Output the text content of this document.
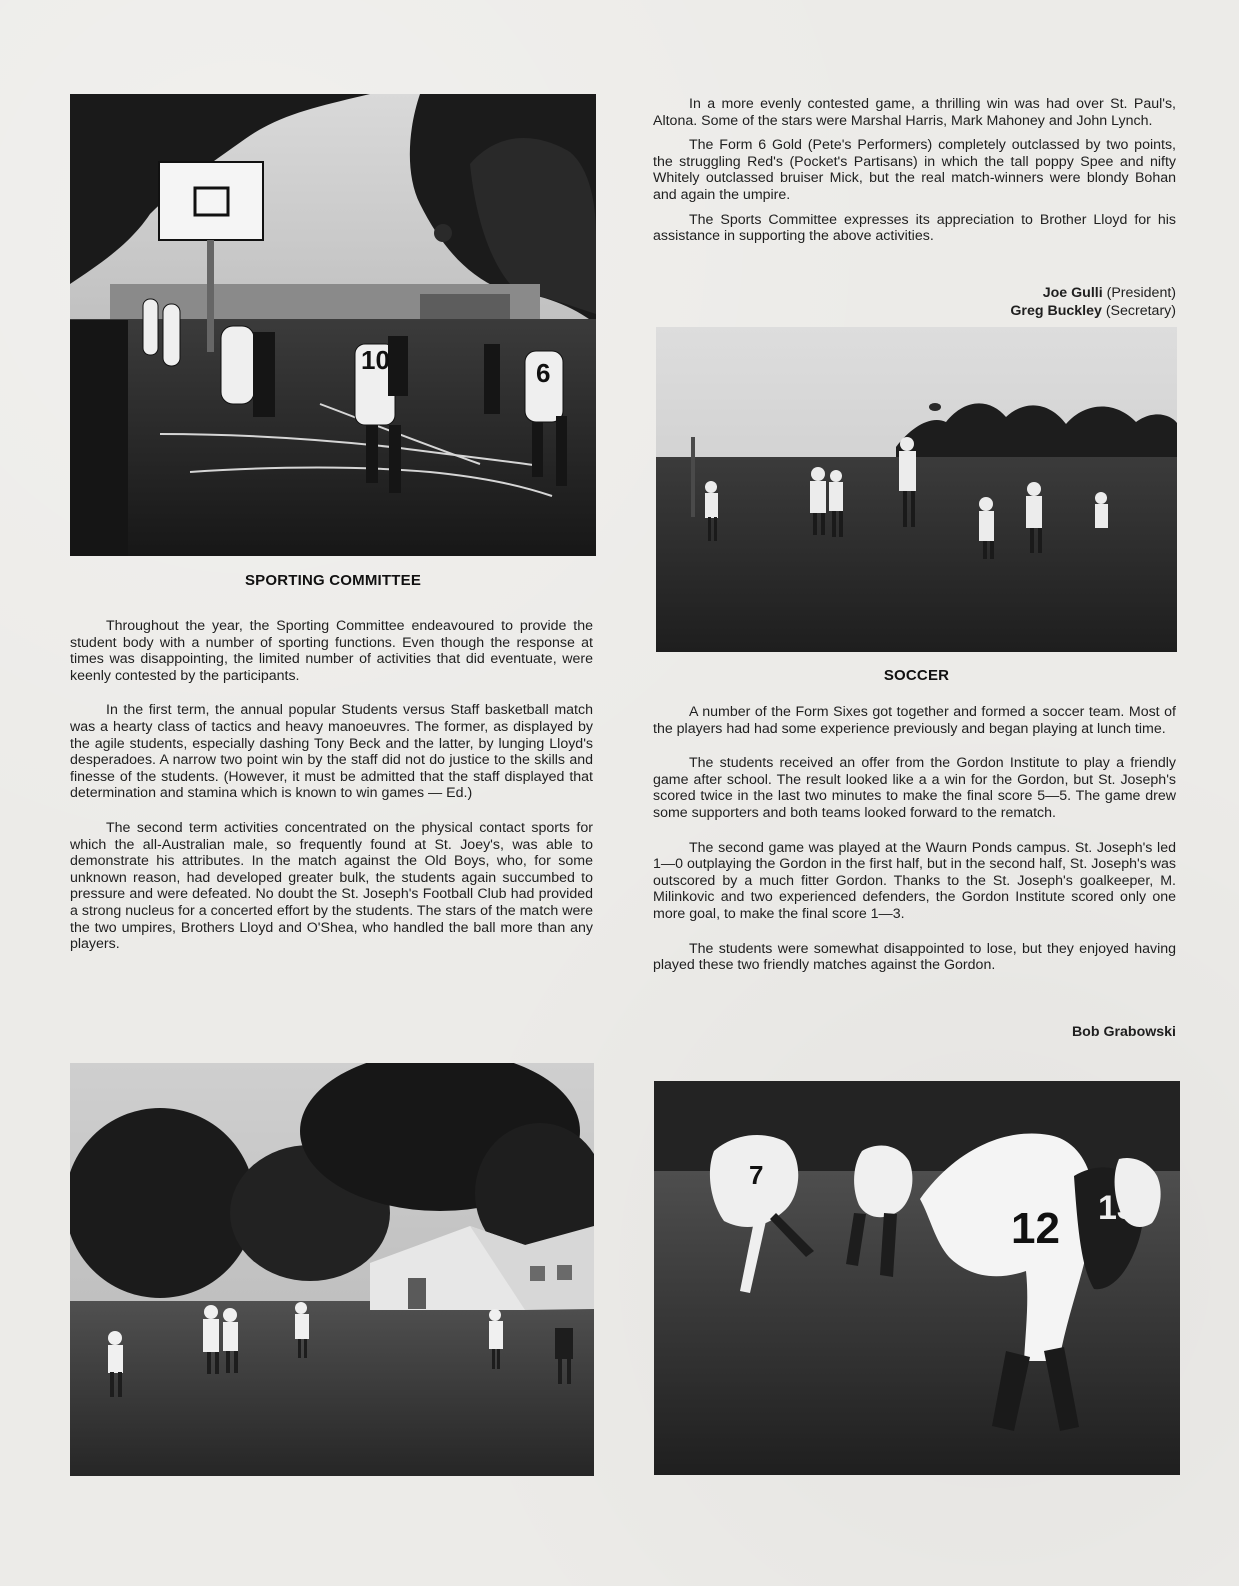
10	6
SPORTING COMMITTEE

Throughout the year, the Sporting Committee endeavoured to provide the student body with a number of sporting functions. Even though the response at times was disappointing, the limited number of activities that did eventuate, were keenly contested by the participants.

In the first term, the annual popular Students versus Staff basketball match was a hearty class of tactics and heavy manoeuvres. The former, as displayed by the agile students, especially dashing Tony Beck and the latter, by lunging Lloyd's desperadoes. A narrow two point win by the staff did not do justice to the skills and finesse of the students. (However, it must be admitted that the staff displayed that determination and stamina which is known to win games — Ed.)

The second term activities concentrated on the physical contact sports for which the all-Australian male, so frequently found at St. Joey's, was able to demonstrate his attributes. In the match against the Old Boys, who, for some unknown reason, had developed greater bulk, the students again succumbed to pressure and were defeated. No doubt the St. Joseph's Football Club had provided a strong nucleus for a concerted effort by the students. The stars of the match were the two umpires, Brothers Lloyd and O'Shea, who handled the ball more than any players.

In a more evenly contested game, a thrilling win was had over St. Paul's, Altona. Some of the stars were Marshal Harris, Mark Mahoney and John Lynch.

The Form 6 Gold (Pete's Performers) completely outclassed by two points, the struggling Red's (Pocket's Partisans) in which the tall poppy Spee and nifty Whitely outclassed bruiser Mick, but the real match-winners were blondy Bohan and again the umpire.

The Sports Committee expresses its appreciation to Brother Lloyd for his assistance in supporting the above activities.

Joe Gulli (President)
Greg Buckley (Secretary)
SOCCER

A number of the Form Sixes got together and formed a soccer team. Most of the players had had some experience previously and began playing at lunch time.

The students received an offer from the Gordon Institute to play a friendly game after school. The result looked like a a win for the Gordon, but St. Joseph's scored twice in the last two minutes to make the final score 5—5. The game drew some supporters and both teams looked forward to the rematch.

The second game was played at the Waurn Ponds campus. St. Joseph's led 1—0 outplaying the Gordon in the first half, but in the second half, St. Joseph's was outscored by a much fitter Gordon. Thanks to the St. Joseph's goalkeeper, M. Milinkovic and two experienced defenders, the Gordon Institute scored only one more goal, to make the final score 1—3.

The students were somewhat disappointed to lose, but they enjoyed having played these two friendly matches against the Gordon.

Bob Grabowski
7
12 13
